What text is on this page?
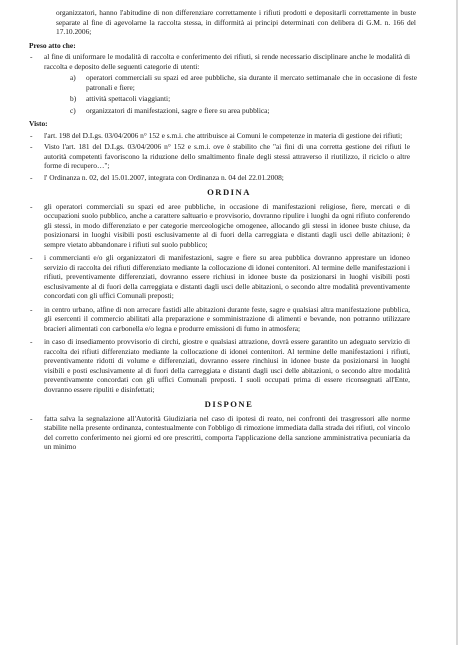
organizzatori, hanno l'abitudine di non differenziare correttamente i rifiuti prodotti e depositarli correttamente in buste separate al fine di agevolarne la raccolta stessa, in difformità ai principi determinati con delibera di G.M. n. 166 del 17.10.2006;
Preso atto che:
-	al fine di uniformare le modalità di raccolta e conferimento dei rifiuti, si rende necessario disciplinare anche le modalità di raccolta e deposito delle seguenti categorie di utenti:
a)	operatori commerciali su spazi ed aree pubbliche, sia durante il mercato settimanale che in occasione di feste patronali e fiere;
b)	attività spettacoli viaggianti;
c)	organizzatori di manifestazioni, sagre e fiere su area pubblica;
Visto:
-	l'art. 198 del D.Lgs. 03/04/2006 n° 152 e s.m.i. che attribuisce ai Comuni le competenze in materia di gestione dei rifiuti;
-	Visto l'art. 181 del D.Lgs. 03/04/2006 n° 152 e s.m.i. ove è stabilito che "ai fini di una corretta gestione dei rifiuti le autorità competenti favoriscono la riduzione dello smaltimento finale degli stessi attraverso il riutilizzo, il riciclo o altre forme di recupero…";
-	l' Ordinanza n. 02, del 15.01.2007, integrata con Ordinanza n. 04 del 22.01.2008;
ORDINA
-	gli operatori commerciali su spazi ed aree pubbliche, in occasione di manifestazioni religiose, fiere, mercati e di occupazioni suolo pubblico, anche a carattere saltuario e provvisorio, dovranno ripulire i luoghi da ogni rifiuto conferendo gli stessi, in modo differenziato e per categorie merceologiche omogenee, allocando gli stessi in idonee buste chiuse, da posizionarsi in luoghi visibili posti esclusivamente al di fuori della carreggiata e distanti dagli usci delle abitazioni; è sempre vietato abbandonare i rifiuti sul suolo pubblico;
-	i commercianti e/o gli organizzatori di manifestazioni, sagre e fiere su area pubblica dovranno apprestare un idoneo servizio di raccolta dei rifiuti differenziato mediante la collocazione di idonei contenitori. Al termine delle manifestazioni i rifiuti, preventivamente differenziati, dovranno essere richiusi in idonee buste da posizionarsi in luoghi visibili posti esclusivamente al di fuori della carreggiata e distanti dagli usci delle abitazioni, o secondo altre modalità preventivamente concordati con gli uffici Comunali preposti;
-	in centro urbano, alfine di non arrecare fastidi alle abitazioni durante feste, sagre e qualsiasi altra manifestazione pubblica, gli esercenti il commercio abilitati alla preparazione e somministrazione di alimenti e bevande, non potranno utilizzare bracieri alimentati con carbonella e/o legna e produrre emissioni di fumo in atmosfera;
-	in caso di insediamento provvisorio di circhi, giostre e qualsiasi attrazione, dovrà essere garantito un adeguato servizio di raccolta dei rifiuti differenziato mediante la collocazione di idonei contenitori. Al termine delle manifestazioni i rifiuti, preventivamente ridotti di volume e differenziati, dovranno essere rinchiusi in idonee buste da posizionarsi in luoghi visibili e posti esclusivamente al di fuori della carreggiata e distanti dagli usci delle abitazioni, o secondo altre modalità preventivamente concordati con gli uffici Comunali preposti. I suoli occupati prima di essere riconsegnati all'Ente, dovranno essere ripuliti e disinfettati;
DISPONE
-	fatta salva la segnalazione all'Autorità Giudiziaria nel caso di ipotesi di reato, nei confronti dei trasgressori alle norme stabilite nella presente ordinanza, contestualmente con l'obbligo di rimozione immediata dalla strada dei rifiuti, col vincolo del corretto conferimento nei giorni ed ore prescritti, comporta l'applicazione della sanzione amministrativa pecuniaria da un minimo
